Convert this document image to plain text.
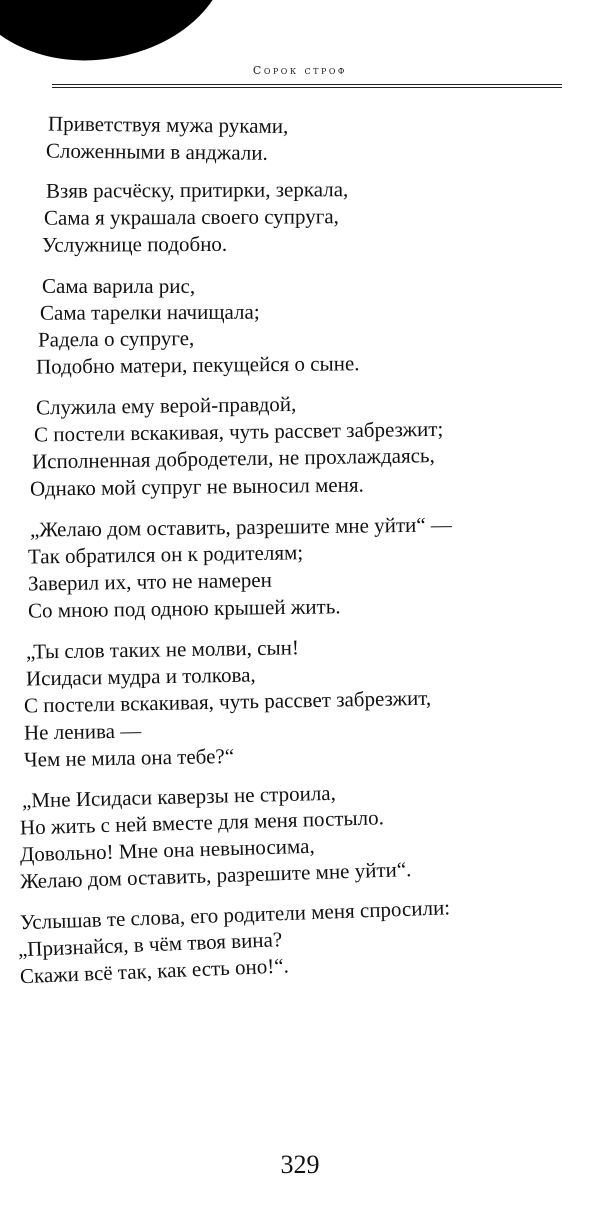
Сорок строф
Приветствуя мужа руками,
Сложенными в анджали.
Взяв расчёску, притирки, зеркала,
Сама я украшала своего супруга,
Услужнице подобно.
Сама варила рис,
Сама тарелки начищала;
Радела о супруге,
Подобно матери, пекущейся о сыне.
Служила ему верой-правдой,
С постели вскакивая, чуть рассвет забрезжит;
Исполненная добродетели, не прохлаждаясь,
Однако мой супруг не выносил меня.
„Желаю дом оставить, разрешите мне уйти“ —
Так обратился он к родителям;
Заверил их, что не намерен
Со мною под одною крышей жить.
„Ты слов таких не молви, сын!
Исидаси мудра и толкова,
С постели вскакивая, чуть рассвет забрезжит,
Не ленива —
Чем не мила она тебе?“
„Мне Исидаси каверзы не строила,
Но жить с ней вместе для меня постыло.
Довольно! Мне она невыносима,
Желаю дом оставить, разрешите мне уйти“.
Услышав те слова, его родители меня спросили:
„Признайся, в чём твоя вина?
Скажи всё так, как есть оно!“.
329
